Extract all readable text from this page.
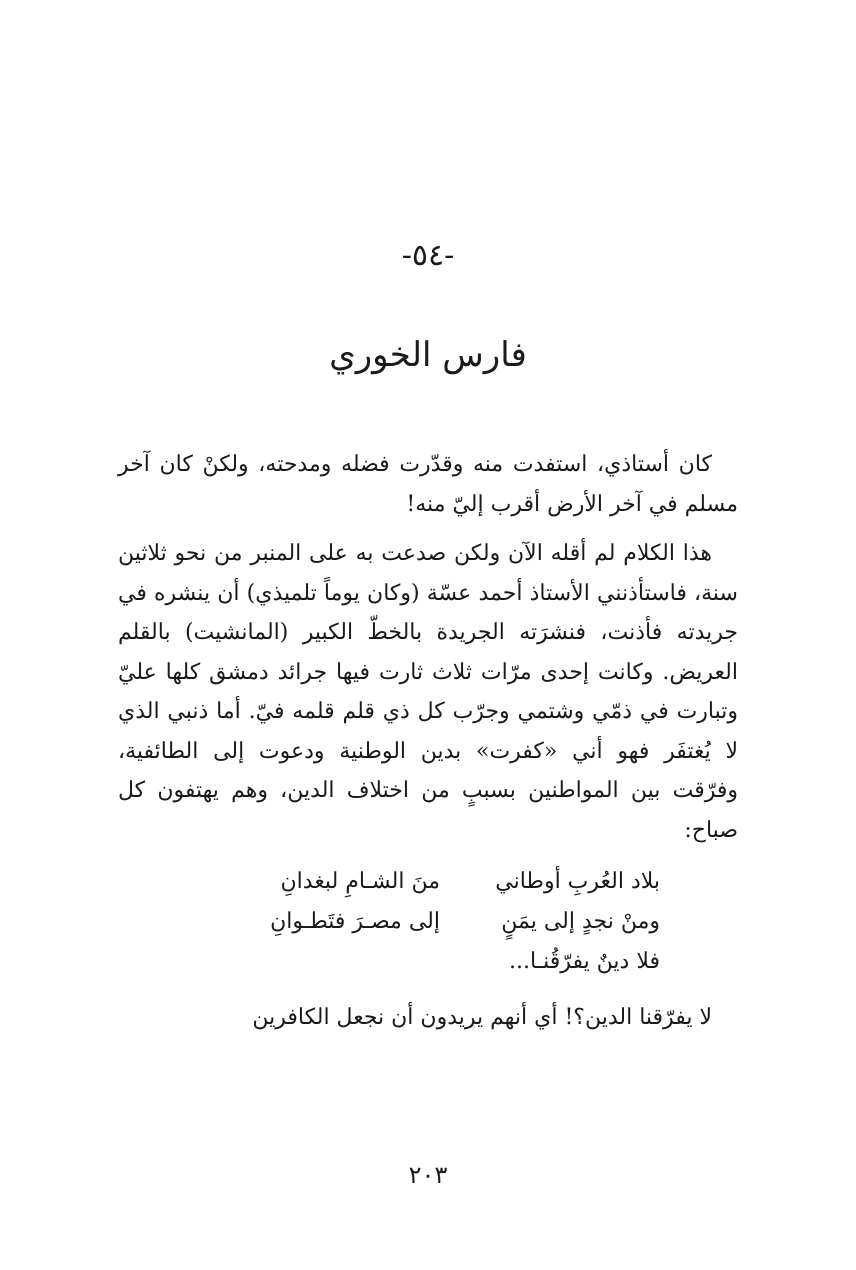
-٥٤-
فارس الخوري

كان أستاذي، استفدت منه وقدّرت فضله ومدحته، ولكنْ كان آخر مسلم في آخر الأرض أقرب إليّ منه!

هذا الكلام لم أقله الآن ولكن صدعت به على المنبر من نحو ثلاثين سنة، فاستأذنني الأستاذ أحمد عسّة (وكان يوماً تلميذي) أن ينشره في جريدته فأذنت، فنشرَته الجريدة بالخطّ الكبير (المانشيت) بالقلم العريض. وكانت إحدى مرّات ثلاث ثارت فيها جرائد دمشق كلها عليّ وتبارت في ذمّي وشتمي وجرّب كل ذي قلم قلمه فيّ. أما ذنبي الذي لا يُغتفَر فهو أني «كفرت» بدين الوطنية ودعوت إلى الطائفية، وفرّقت بين المواطنين بسببٍ من اختلاف الدين، وهم يهتفون كل صباح:

بلاد العُربِ أوطاني
منَ الشـامِ لبغدانِ
ومنْ نجدٍ إلى يمَنٍ
إلى مصـرَ فتَطـوانِ
فلا دينٌ يفرّقُنـا...

لا يفرّقنا الدين؟! أي أنهم يريدون أن نجعل الكافرين

٢٠٣
